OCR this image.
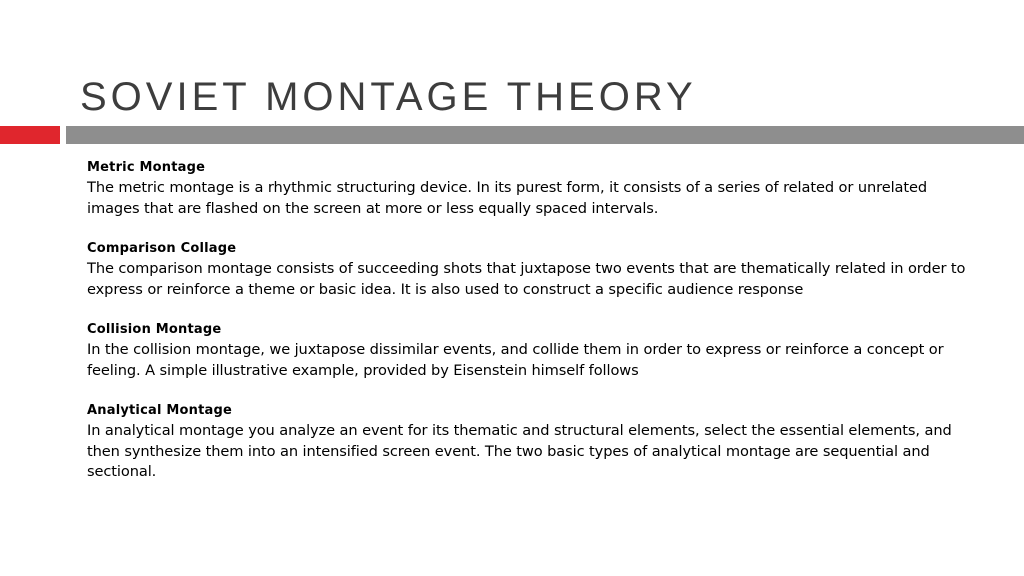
SOVIET MONTAGE THEORY
Metric Montage
The metric montage is a rhythmic structuring device. In its purest form, it consists of a series of related or unrelated images that are flashed on the screen at more or less equally spaced intervals.
Comparison Collage
The comparison montage consists of succeeding shots that juxtapose two events that are thematically related in order to express or reinforce a theme or basic idea. It is also used to construct a specific audience response
Collision Montage
In the collision montage, we juxtapose dissimilar events, and collide them in order to express or reinforce a concept or feeling. A simple illustrative example, provided by Eisenstein himself follows
Analytical Montage
In analytical montage you analyze an event for its thematic and structural elements, select the essential elements, and then synthesize them into an intensified screen event. The two basic types of analytical montage are sequential and sectional.
